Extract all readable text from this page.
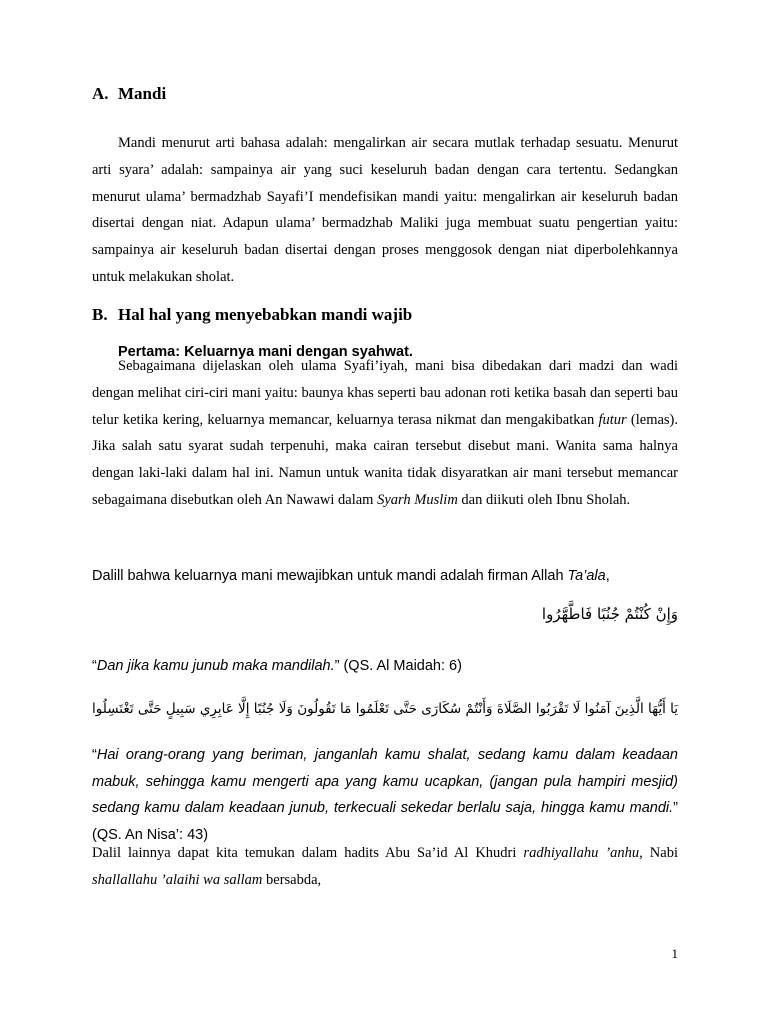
A. Mandi

Mandi menurut arti bahasa adalah: mengalirkan air secara mutlak terhadap sesuatu. Menurut arti syara’ adalah: sampainya air yang suci keseluruh badan dengan cara tertentu. Sedangkan menurut ulama’ bermadzhab Sayafi’I mendefisikan mandi yaitu: mengalirkan air keseluruh badan disertai dengan niat. Adapun ulama’ bermadzhab Maliki juga membuat suatu pengertian yaitu: sampainya air keseluruh badan disertai dengan proses menggosok dengan niat diperbolehkannya untuk melakukan sholat.

B. Hal hal yang menyebabkan mandi wajib

Pertama: Keluarnya mani dengan syahwat.

Sebagaimana dijelaskan oleh ulama Syafi’iyah, mani bisa dibedakan dari madzi dan wadi dengan melihat ciri-ciri mani yaitu: baunya khas seperti bau adonan roti ketika basah dan seperti bau telur ketika kering, keluarnya memancar, keluarnya terasa nikmat dan mengakibatkan futur (lemas). Jika salah satu syarat sudah terpenuhi, maka cairan tersebut disebut mani. Wanita sama halnya dengan laki-laki dalam hal ini. Namun untuk wanita tidak disyaratkan air mani tersebut memancar sebagaimana disebutkan oleh An Nawawi dalam Syarh Muslim dan diikuti oleh Ibnu Sholah.

Dalill bahwa keluarnya mani mewajibkan untuk mandi adalah firman Allah Ta’ala,

وَإِنْ كُنْتُمْ جُنُبًا فَاطَّهَّرُوا

“Dan jika kamu junub maka mandilah.” (QS. Al Maidah: 6)

يَا أَيُّهَا الَّذِينَ آمَنُوا لَا تَقْرَبُوا الصَّلَاةَ وَأَنْتُمْ سُكَارَى حَتَّى تَعْلَمُوا مَا تَقُولُونَ وَلَا جُنُبًا إِلَّا عَابِرِي سَبِيلٍ حَتَّى تَغْتَسِلُوا

“Hai orang-orang yang beriman, janganlah kamu shalat, sedang kamu dalam keadaan mabuk, sehingga kamu mengerti apa yang kamu ucapkan, (jangan pula hampiri mesjid) sedang kamu dalam keadaan junub, terkecuali sekedar berlalu saja, hingga kamu mandi.” (QS. An Nisa’: 43)

Dalil lainnya dapat kita temukan dalam hadits Abu Sa’id Al Khudri radhiyallahu ’anhu, Nabi shallallahu ’alaihi wa sallam bersabda,

1
